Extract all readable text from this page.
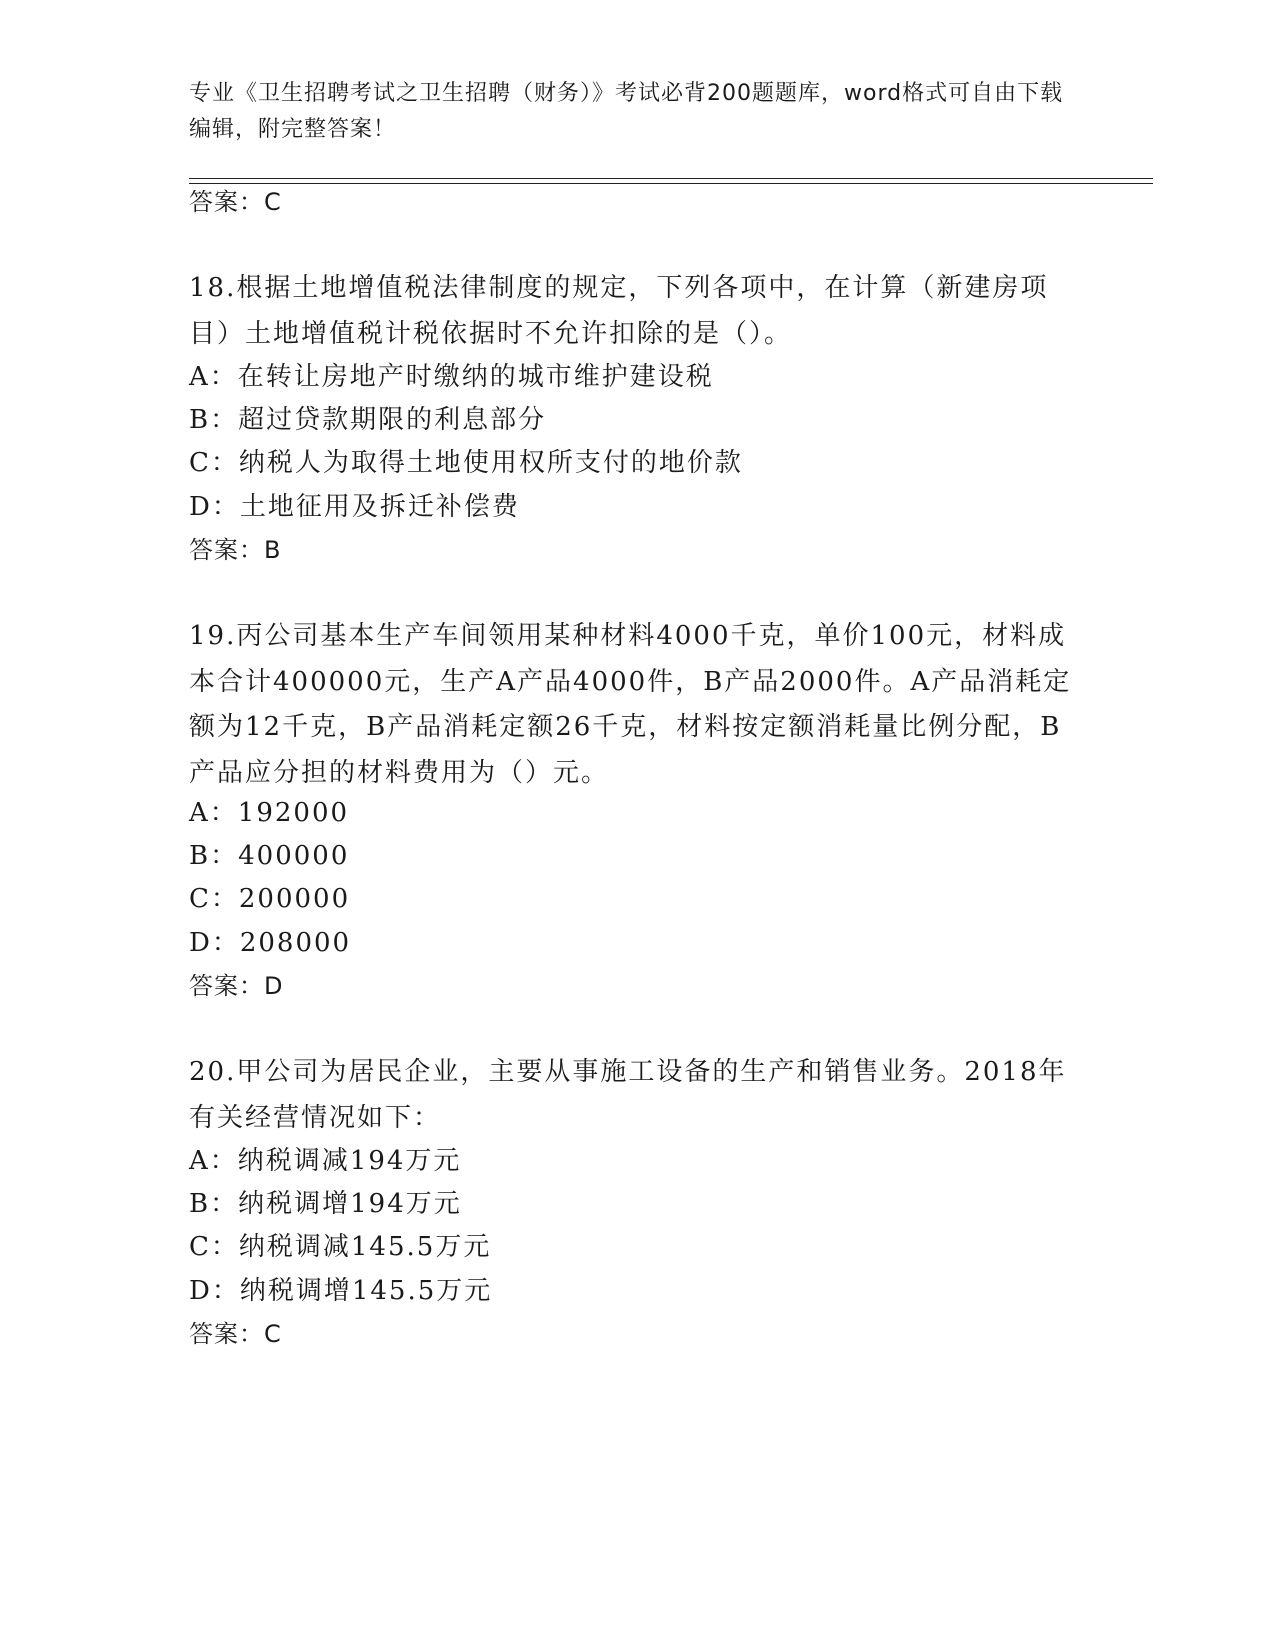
专业《卫生招聘考试之卫生招聘（财务）》考试必背200题题库，word格式可自由下载编辑，附完整答案！
答案：C
18.根据土地增值税法律制度的规定，下列各项中，在计算（新建房项目）土地增值税计税依据时不允许扣除的是（）。
A：在转让房地产时缴纳的城市维护建设税
B：超过贷款期限的利息部分
C：纳税人为取得土地使用权所支付的地价款
D：土地征用及拆迁补偿费
答案：B
19.丙公司基本生产车间领用某种材料4000千克，单价100元，材料成本合计400000元，生产A产品4000件，B产品2000件。A产品消耗定额为12千克，B产品消耗定额26千克，材料按定额消耗量比例分配，B产品应分担的材料费用为（）元。
A：192000
B：400000
C：200000
D：208000
答案：D
20.甲公司为居民企业，主要从事施工设备的生产和销售业务。2018年有关经营情况如下：
A：纳税调减194万元
B：纳税调增194万元
C：纳税调减145.5万元
D：纳税调增145.5万元
答案：C
